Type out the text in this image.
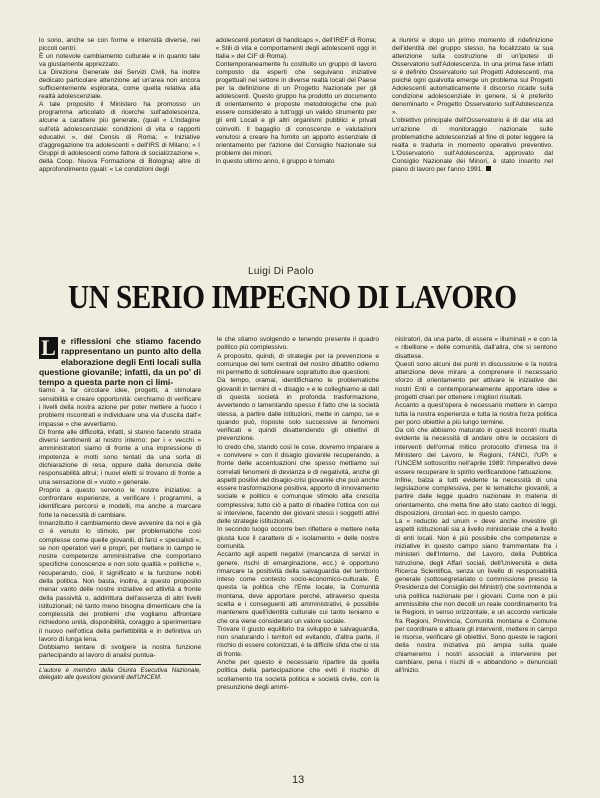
lo sono, anche se con forme e intensità diverse, nei piccoli centri.

È un notevole cambiamento culturale e in quanto tale va giustamente apprezzato.

La Direzione Generale dei Servizi Civili, ha inoltre dedicato particolare attenzione ad un'area non ancora sufficientemente esplorata, come quella relativa alla realtà adolescenziale.

A tale proposito il Ministero ha promosso un programma articolato di ricerche sull'adolescenza, alcune a carattere più generale, (quali « L'indagine sull'età adolescenziale: condizioni di vita e rapporti educativi », del Censis di Roma; « Iniziative d'aggregazione tra adolescenti » dell'IRS di Milano; « I Gruppi di adolescenti come fattore di socializzazione », della Coop. Nuova Formazione di Bologna) altre di approfondimento (quali: « Le condizioni degli

adolescenti portatori di handicaps », dell'IREF di Roma; « Stili di vita e comportamenti degli adolescenti oggi in Italia » del CIF di Roma).

Contemporaneamente fu costituito un gruppo di lavoro composto da esperti che seguivano iniziative progettuali nel settore in diverse realtà locali del Paese per la definizione di un Progetto Nazionale per gli adolescenti. Questo gruppo ha prodotto un documento di orientamento e proposte metodologiche che può essere considerato a tutt'oggi un valido strumento per gli enti Locali e gli altri organismi pubblici e privati coinvolti. Il bagaglio di conoscenze e valutazioni venutosi a creare ha fornito un apporto essenziale di orientamento per l'azione del Consiglio Nazionale sui problemi dei minori.

In questo ultimo anno, il gruppo è tornato

a riunirsi e dopo un primo momento di ridefinizione dell'identità del gruppo stesso, ha focalizzato la sua attenzione sulla costruzione di un'ipotesi di Osservatorio sull'Adolescenza. In una prima fase infatti si è definito Osservatorio sul Progetti Adolescenti, ma poiché ogni qualvolta emerge un problema sui Progetti Adolescenti automaticamente il discorso ricade sulla condizione adolescenziale in genere, si è preferito denominarlo « Progetto Osservatorio sull'Adolescenza ».

L'obiettivo principale dell'Osservatorio è di dar vita ad un'azione di monitoraggio nazionale sulle problematiche adolescenziali al fine di poter leggere la realtà e tradurla in momento operativo preventivo. L'Osservatorio sull'Adolescenza, approvato dal Consiglio Nazionale dei Minori, è stato inserito nel piano di lavoro per l'anno 1991.

Luigi Di Paolo
UN SERIO IMPEGNO DI LAVORO

L e riflessioni che stiamo facendo rappresentano un punto alto della elaborazione degli Enti locali sulla questione giovanile; infatti, da un po' di tempo a questa parte non ci limi-

tiamo a far circolare idee, progetti, a stimolare sensibilità e creare opportunità: cerchiamo di verificare i livelli della nostra azione per poter mettere a fuoco i problemi riscontrati e individuare una via d'uscita dall'« impasse » che avvertiamo.

Di fronte alle difficoltà, infatti, si stanno facendo strada diversi sentimenti al nostro interno: per i « vecchi » amministratori siamo di fronte a una impressione di impotenza e molti sono tentati da una sorta di dichiarazione di resa, oppure dalla denuncia delle responsabilità altrui; i nuovi eletti si trovano di fronte a una sensazione di « vuoto » generale.

Proprio a questo servono le nostre iniziative: a confrontare esperienze, a verificare i programmi, a identificare percorsi e modelli, ma anche a marcare forte la necessità di cambiare.

Innanzitutto il cambiamento deve avvenire da noi e già ci è venuto lo stimolo, per problematiche così complesse come quelle giovanili, di farci « specialisti », se non operatori veri e propri, per mettere in campo le nostre competenze amministrative che comportano specifiche conoscenze e non solo qualità « politiche », recuperando, cioè, il significato e la funzione nobili della politica. Non basta, inoltre, a questo proposito menar vanto delle nostre iniziative ed attività a fronte della passività o, addirittura dell'assenza di altri livelli istituzionali; né tanto meno bisogna dimenticare che la complessità dei problemi che vogliamo affrontare richiedono unità, disponibilità, coraggio a sperimentare il nuovo nell'ottica della perfettibilità e in definitiva un lavoro di lunga lena.

Dobbiamo tentare di svolgere la nostra funzione partecipando al lavoro di analisi puntua-

L'autore è membro della Giunta Esecutiva Nazionale, delegato alle questioni giovanili dell'UNCEM.

le che stiamo svolgendo e tenendo presente il quadro politico più complessivo.

A proposito, quindi, di strategie per la prevenzione e comunque dei temi centrali del nostro dibattito odierno mi permetto di sottolineare soprattutto due questioni.

Da tempo, oramai, identifichiamo le problematiche giovanili in termini di « disagio » e le colleghiamo ai dati di questa società in profonda trasformazione, avvertendo o lamentando spesso il fatto che la società stessa, a partire dalle istituzioni, mette in campo, se e quando può, risposte solo successive ai fenomeni verificati e quindi disattendendo gli obiettivi di prevenzione.

Io credo che, stando così le cose, dovremo imparare a « convivere » con il disagio giovanile recuperando, a fronte delle accentuazioni che spesso mettiamo sui correlati fenomeni di devianza e di negatività, anche gli aspetti positivi del disagio-crisi giovanile che può anche essere trasformazione positiva, apporto di innovamento sociale e politico e comunque stimolo alla crescita complessiva; tutto ciò a patto di ribadire l'ottica con cui si interviene, facendo dei giovani stessi i soggetti attivi delle strategie istituzionali.

In secondo luogo occorre ben riflettere e mettere nella giusta luce il carattere di « isolamento » delle nostre comunità.

Accanto agli aspetti negativi (mancanza di servizi in genere, rischi di emarginazione, ecc.) è opportuno rimarcare la positività della salvaguardia del territorio inteso come contesto socio-economico-culturale. È questa la politica che l'Ente locale, la Comunità montana, deve apportare perché, attraverso questa scelta e i conseguenti atti amministrativi, è possibile mantenere quell'identità culturale cui tanto teniamo e che ora viene considerato un valore sociale.

Trovare il giusto equilibrio tra sviluppo e salvaguardia, non snaturando i territori ed evitando, d'altra parte, il rischio di essere colonizzati, è la difficile sfida che ci sta di fronte.

Anche per questo è necessario ripartire da quella politica della partecipazione che eviti il rischio di scollamento tra società politica e società civile, con la presunzione degli ammi-

nistratori, da una parte, di essere « illuminati » e con la « ribellione » delle comunità, dall'altra, che si sentono disattese.

Questi sono alcuni dei punti in discussione e la nostra attenzione deve mirare a comprenere il necessario sforzo di orientamento per attivare le iniziative dei nostri Enti e contemporaneamente apportare idee e progetti chiari per ottenere i migliori risultati.

Accanto a quest'opera è necessario mettere in campo tutta la nostra esperienza e tutta la nostra forza politica per porci obiettivi a più lungo termine.

Da ciò che abbiamo maturato in questi incontri risulta evidente la necessità di andare oltre le occasioni di interventi dell'ormai mitico protocollo d'intesa tra il Ministero del Lavoro, le Regioni, l'ANCI, l'UPI e l'UNCEM sottoscritto nell'aprile 1989: l'imperativo deve essere recuperare lo spirito verificandone l'attuazione.

Infine, balza a tutti evidente la necessità di una legislazione complessiva, per le tematiche giovanili, a partire dalle legge quadro nazionale in materia di orientamento, che metta fine allo stato caotico di leggi, disposizioni, circolari ecc. in questo campo.

La « reductio ad unum » deve anche investire gli aspetti istituzionali sia a livello ministeriale che a livello di enti locali. Non è più possibile che competenze e iniziative in questo campo siano frammentate fra i ministeri dell'Interno, del Lavoro, della Pubblica Istruzione, degli Affari sociali, dell'Università e della Ricerca Scientifica, senza un livello di responsabilità generale (sottosegretariato o commissione presso la Presidenza del Consiglio dei Ministri) che sovrintenda a una politica nazionale per i giovani. Come non è più ammissibile che non decolli un reale coordinamento fra le Regioni, in senso orizzontale, e un accordo verticale fra Regioni, Provincia, Comunità montana e Comune per coordinare e attuare gli interventi, mettere in campo le risorse, verificare gli obiettivi. Sono queste le ragioni della nostra iniziativa più ampia sulla quale chiameremo i nostri associati a intervenire per cambiare, pena i rischi di « abbandono » denunciati all'inizio.

13
